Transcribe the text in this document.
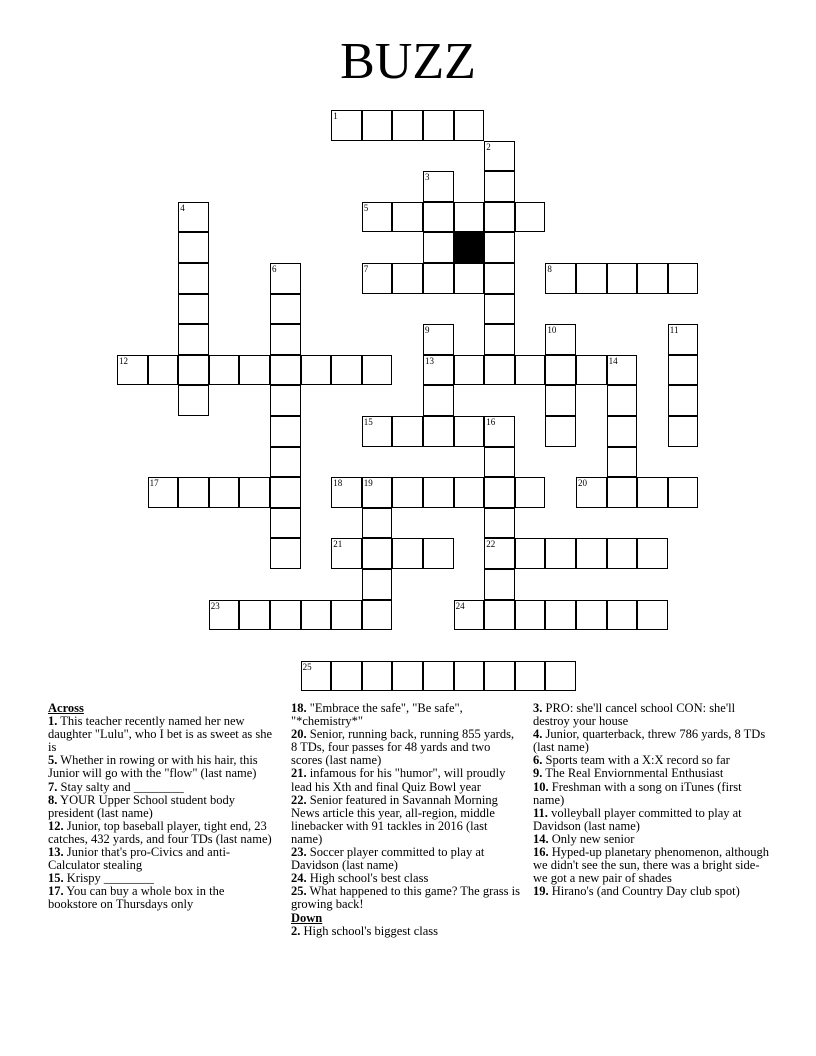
BUZZ
1
5
7	8
12	13	14
15	16
17	18 19	20
21	22
23	24
25
2
3
4
6
9	10	11
Across

1. This teacher recently named her new daughter "Lulu", who I bet is as sweet as she is

5. Whether in rowing or with his hair, this Junior will go with the "flow" (last name)

7. Stay salty and ________

8. YOUR Upper School student body president (last name)

12. Junior, top baseball player, tight end, 23 catches, 432 yards, and four TDs (last name)

13. Junior that's pro-Civics and anti-Calculator stealing

15. Krispy ________

17. You can buy a whole box in the bookstore on Thursdays only

18. "Embrace the safe", "Be safe", "*chemistry*"

20. Senior, running back, running 855 yards, 8 TDs, four passes for 48 yards and two scores (last name)

21. infamous for his "humor", will proudly lead his Xth and final Quiz Bowl year

22. Senior featured in Savannah Morning News article this year, all-region, middle linebacker with 91 tackles in 2016 (last name)

23. Soccer player committed to play at Davidson (last name)

24. High school's best class

25. What happened to this game? The grass is growing back!

Down

2. High school's biggest class

3. PRO: she'll cancel school CON: she'll destroy your house

4. Junior, quarterback, threw 786 yards, 8 TDs (last name)

6. Sports team with a X:X record so far

9. The Real Enviornmental Enthusiast

10. Freshman with a song on iTunes (first name)

11. volleyball player committed to play at Davidson (last name)

14. Only new senior

16. Hyped-up planetary phenomenon, although we didn't see the sun, there was a bright side- we got a new pair of shades

19. Hirano's (and Country Day club spot)
